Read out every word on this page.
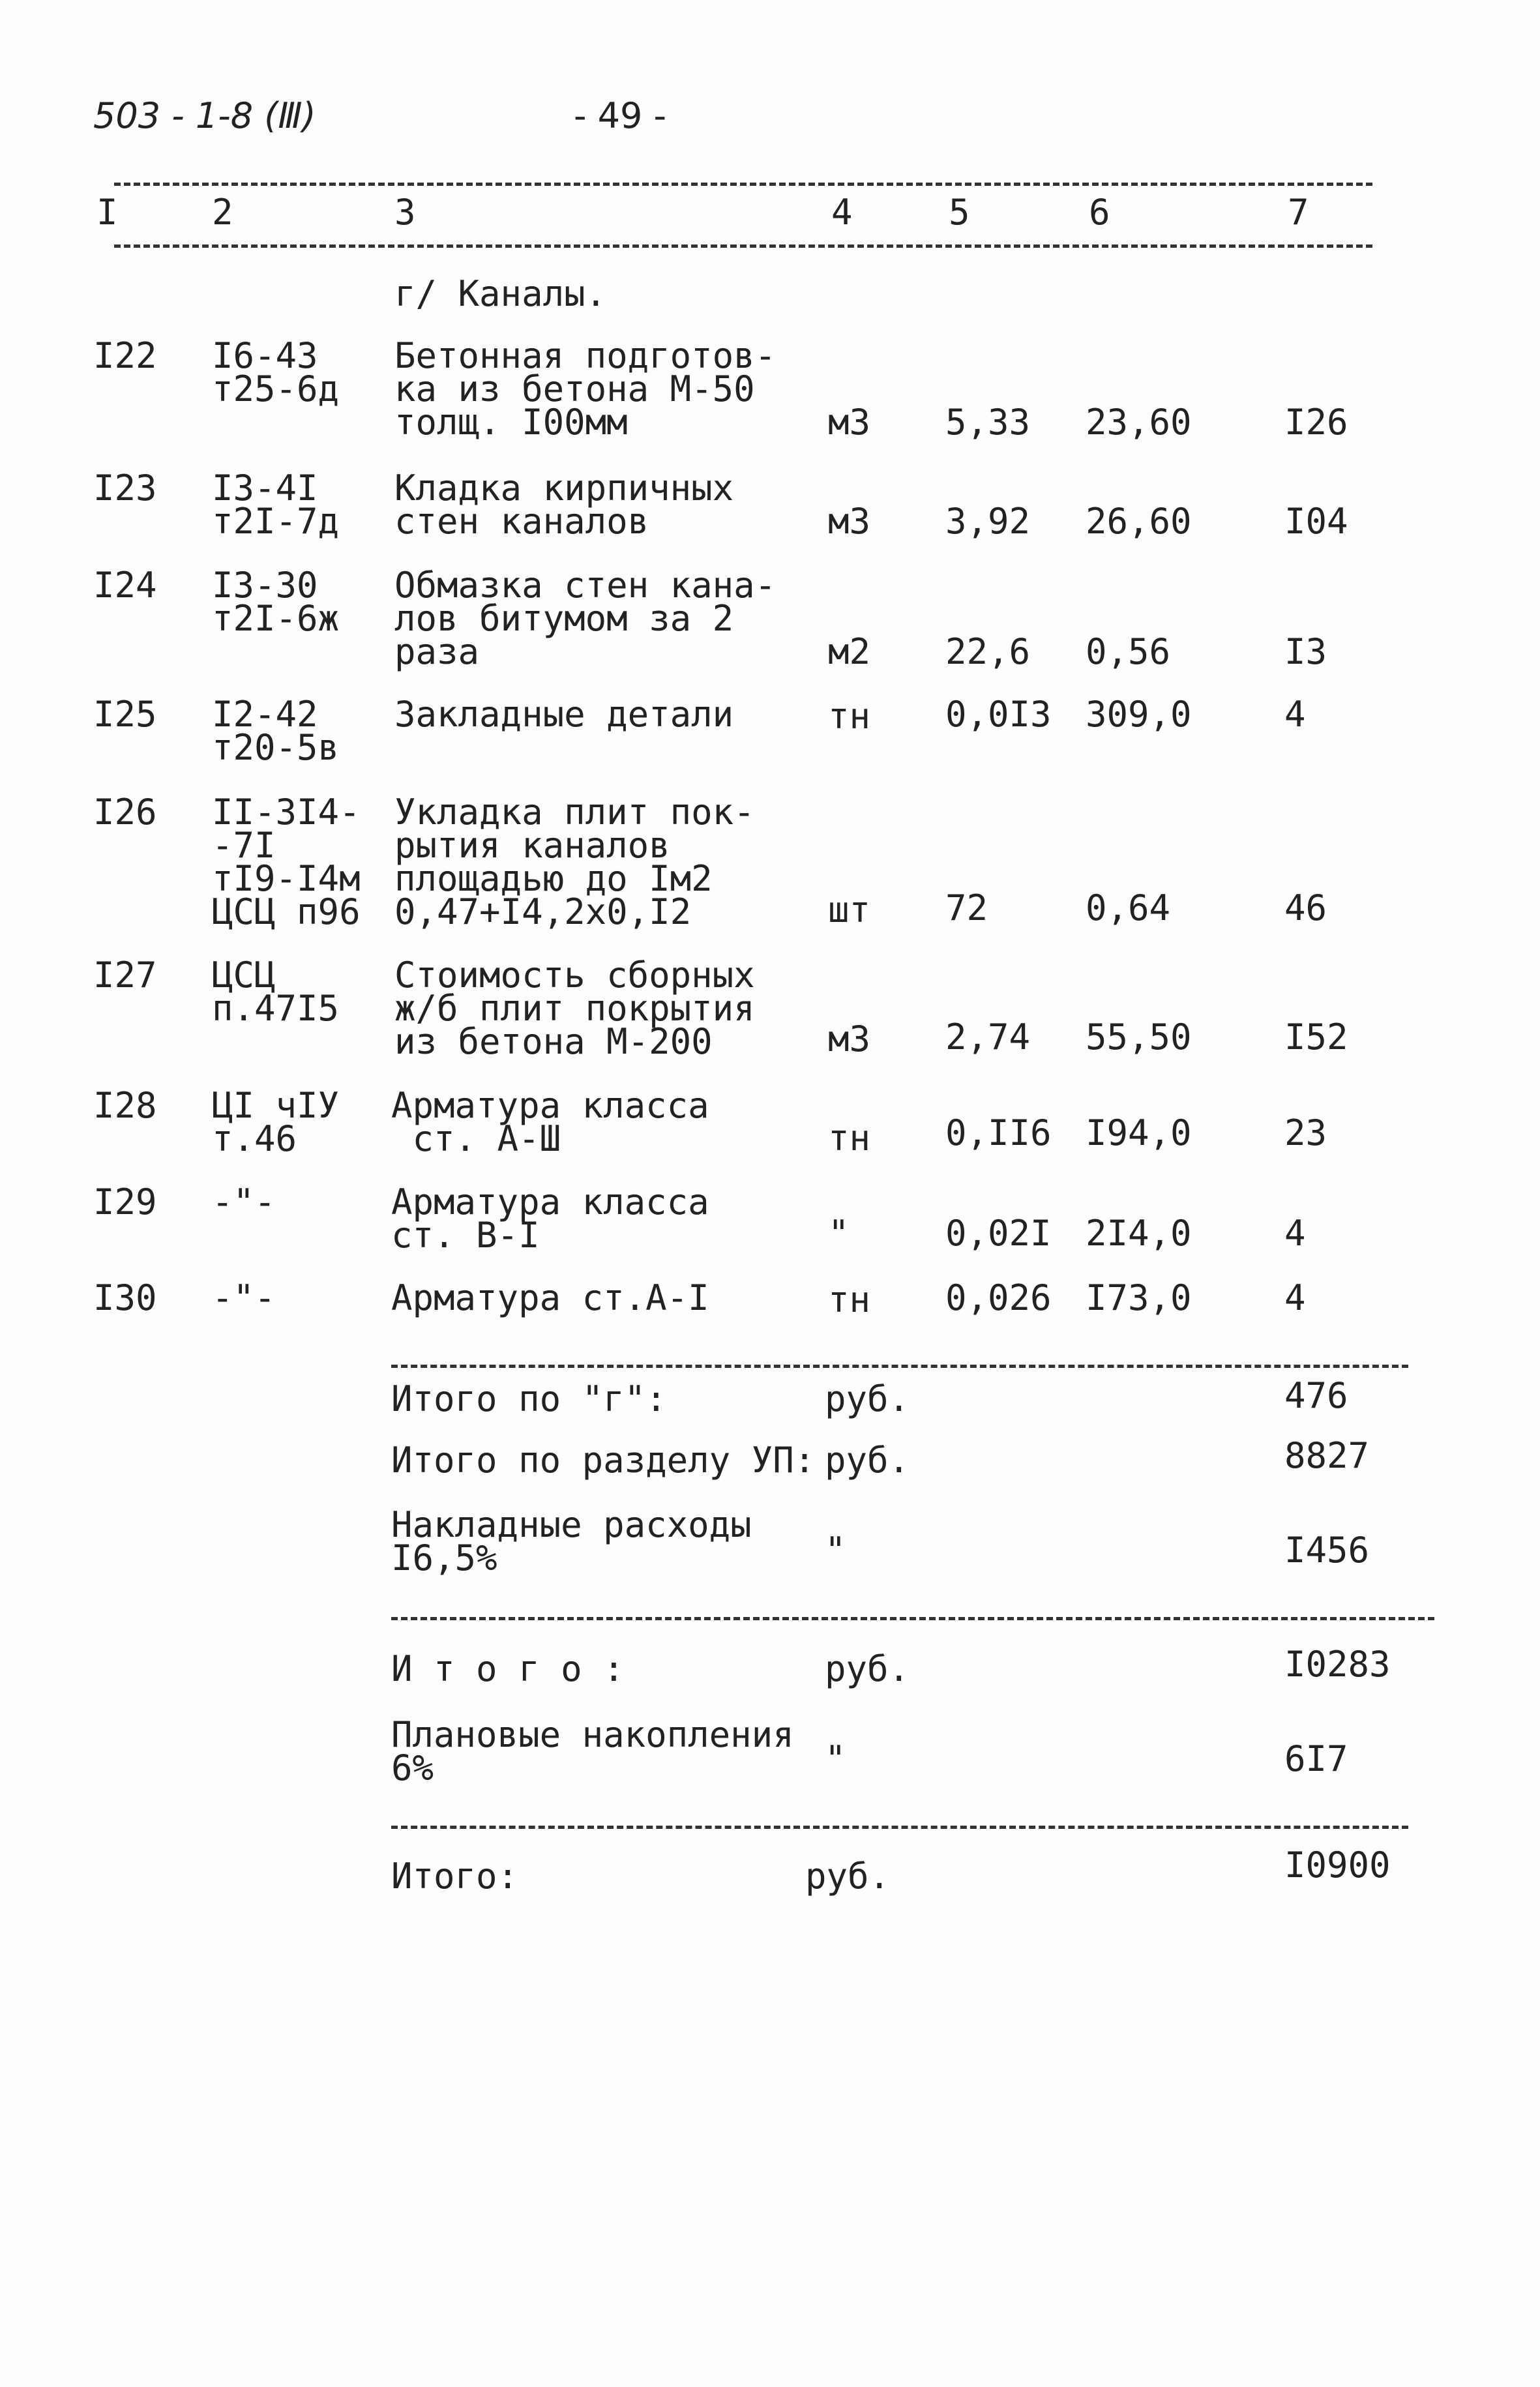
503 - 1-8 (Ⅲ)	- 49 -
I	2	3	4	5	6	7
г/ Каналы.
I22 I6-43
т25-6д
Бетонная подготов-
ка из бетона М-50
толщ. I00мм	м3 5,33 23,60	I26
I23 I3-4I
т2I-7д
Кладка кирпичных
стен каналов	м3 3,92 26,60	I04
I24 I3-30
т2I-6ж
Обмазка стен кана-
лов битумом за 2
раза	м2 22,6 0,56	I3
I25 I2-42
т20-5в
Закладные детали	тн 0,0I3 309,0	4
I26 II-3I4-
-7I
тI9-I4м
ЦСЦ п96
Укладка плит пок-
рытия каналов
площадью до Iм2
0,47+I4,2х0,I2	шт 72	0,64	46
I27 ЦСЦ
п.47I5
Стоимость сборных
ж/б плит покрытия
из бетона М-200	м3 2,74 55,50	I52
I28 ЦI чIУ
т.46
Арматура класса
ст. А-Ш	тн 0,II6 I94,0	23
I29 -"-	Арматура класса
ст. В-I	"	0,02I 2I4,0	4
I30 -"-	Арматура ст.А-I	тн 0,026 I73,0	4
Итого по "г":	руб.	476
Итого по разделу УП: руб.	8827
Накладные расходы
I6,5%	"	I456
И т о г о :	руб.	I0283
Плановые накопления
6%	"	6I7
Итого:	руб.	I0900
